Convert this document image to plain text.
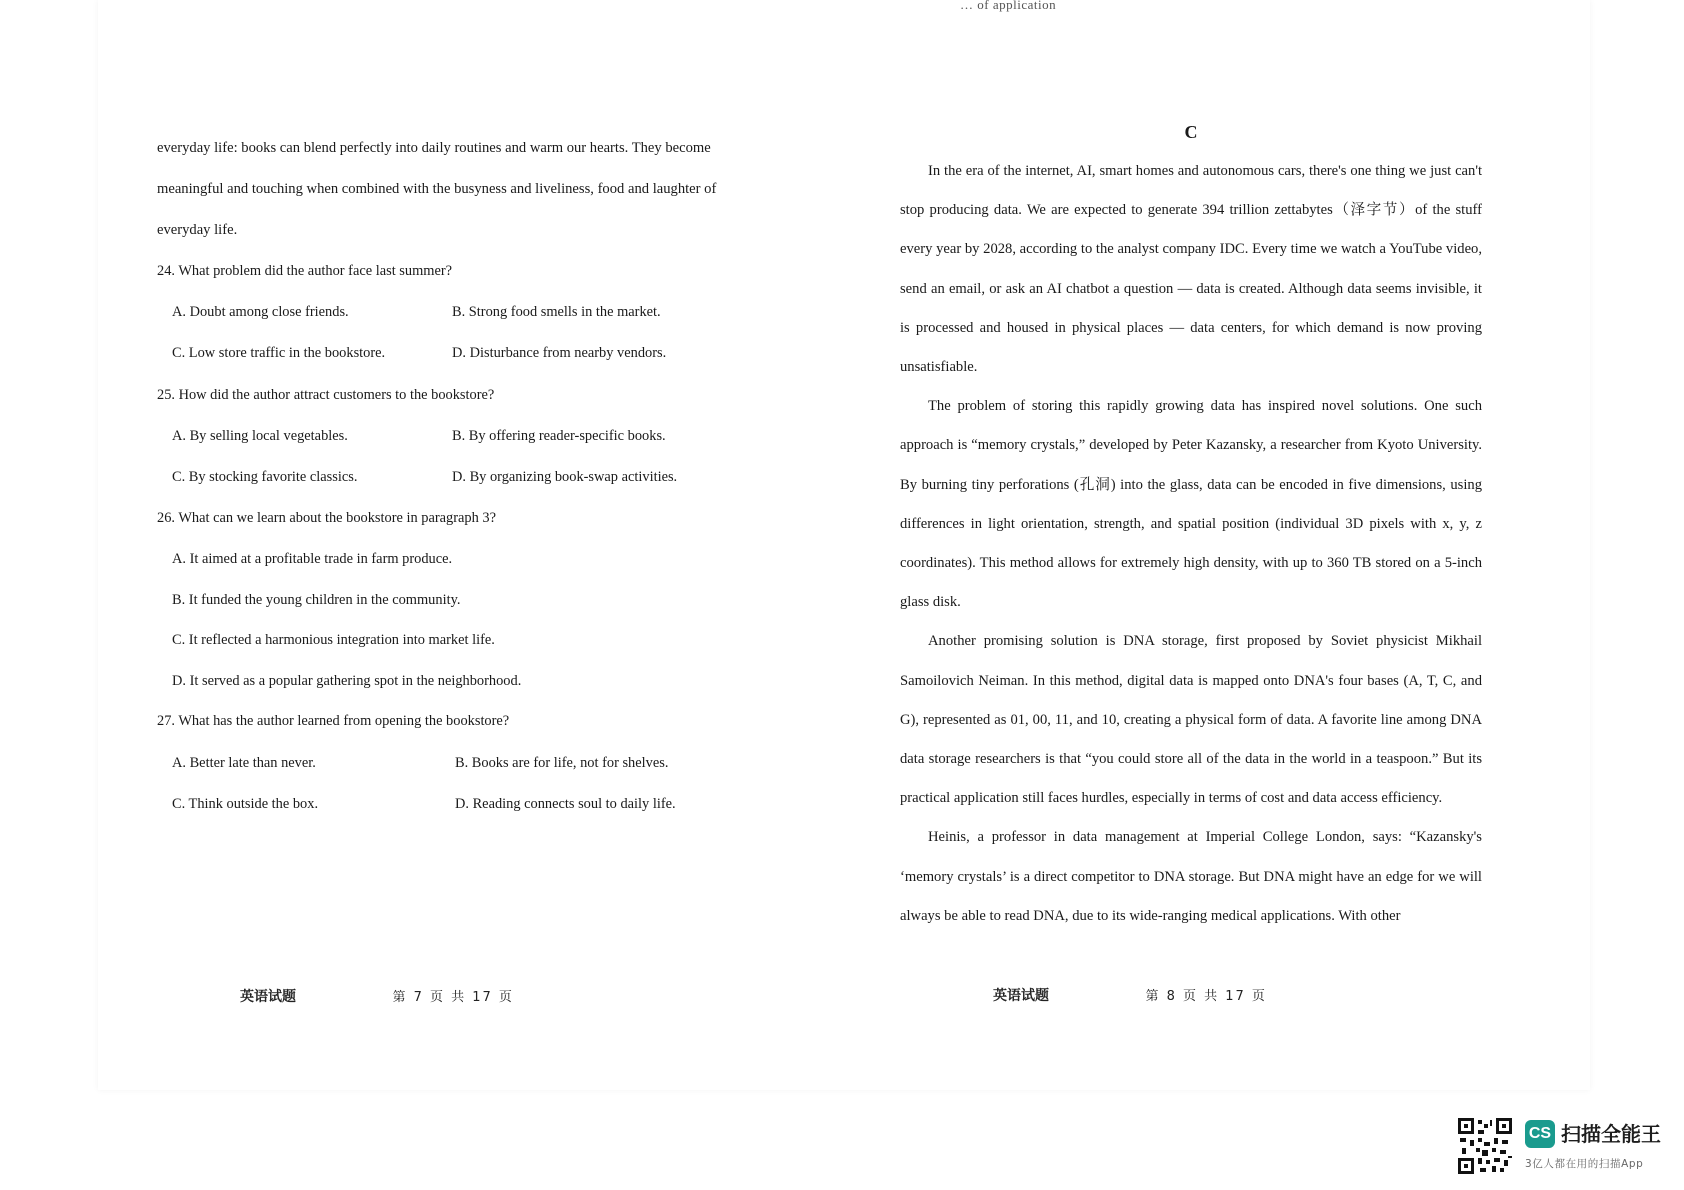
… of application
everyday life: books can blend perfectly into daily routines and warm our hearts. They become
meaningful and touching when combined with the busyness and liveliness, food and laughter of
everyday life.
24. What problem did the author face last summer?
A. Doubt among close friends.	B. Strong food smells in the market.
C. Low store traffic in the bookstore.	D. Disturbance from nearby vendors.
25. How did the author attract customers to the bookstore?
A. By selling local vegetables.	B. By offering reader-specific books.
C. By stocking favorite classics.	D. By organizing book-swap activities.
26. What can we learn about the bookstore in paragraph 3?
A. It aimed at a profitable trade in farm produce.
B. It funded the young children in the community.
C. It reflected a harmonious integration into market life.
D. It served as a popular gathering spot in the neighborhood.
27. What has the author learned from opening the bookstore?
A. Better late than never.	B. Books are for life, not for shelves.
C. Think outside the box.	D. Reading connects soul to daily life.
英语试题	第 7 页 共 17 页
C

In the era of the internet, AI, smart homes and autonomous cars, there's one thing we just can't stop producing data. We are expected to generate 394 trillion zettabytes（泽字节）of the stuff every year by 2028, according to the analyst company IDC. Every time we watch a YouTube video, send an email, or ask an AI chatbot a question — data is created. Although data seems invisible, it is processed and housed in physical places — data centers, for which demand is now proving unsatisfiable.

The problem of storing this rapidly growing data has inspired novel solutions. One such approach is “memory crystals,” developed by Peter Kazansky, a researcher from Kyoto University. By burning tiny perforations (孔洞) into the glass, data can be encoded in five dimensions, using differences in light orientation, strength, and spatial position (individual 3D pixels with x, y, z coordinates). This method allows for extremely high density, with up to 360 TB stored on a 5-inch glass disk.

Another promising solution is DNA storage, first proposed by Soviet physicist Mikhail Samoilovich Neiman. In this method, digital data is mapped onto DNA's four bases (A, T, C, and G), represented as 01, 00, 11, and 10, creating a physical form of data. A favorite line among DNA data storage researchers is that “you could store all of the data in the world in a teaspoon.” But its practical application still faces hurdles, especially in terms of cost and data access efficiency.

Heinis, a professor in data management at Imperial College London, says: “Kazansky's ‘memory crystals’ is a direct competitor to DNA storage. But DNA might have an edge for we will always be able to read DNA, due to its wide-ranging medical applications. With other

英语试题	第 8 页 共 17 页
CS 扫描全能王
3亿人都在用的扫描App
